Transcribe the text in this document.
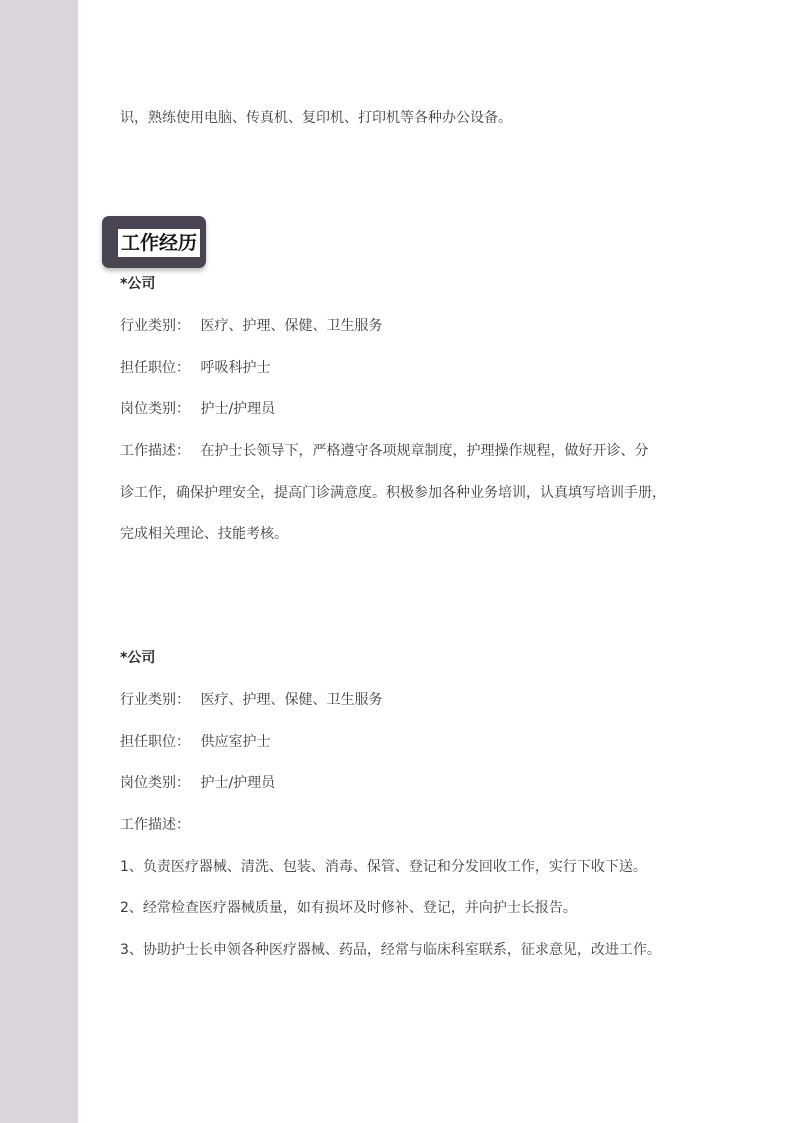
工作经历
识，熟练使用电脑、传真机、复印机、打印机等各种办公设备。
*公司
行业类别： 医疗、护理、保健、卫生服务
担任职位： 呼吸科护士
岗位类别： 护士/护理员
工作描述： 在护士长领导下，严格遵守各项规章制度，护理操作规程，做好开诊、分
诊工作，确保护理安全，提高门诊满意度。积极参加各种业务培训，认真填写培训手册，
完成相关理论、技能考核。
*公司
行业类别： 医疗、护理、保健、卫生服务
担任职位： 供应室护士
岗位类别： 护士/护理员
工作描述：
1、负责医疗器械、清洗、包装、消毒、保管、登记和分发回收工作，实行下收下送。
2、经常检查医疗器械质量，如有损坏及时修补、登记，并向护士长报告。
3、协助护士长申领各种医疗器械、药品，经常与临床科室联系，征求意见，改进工作。
